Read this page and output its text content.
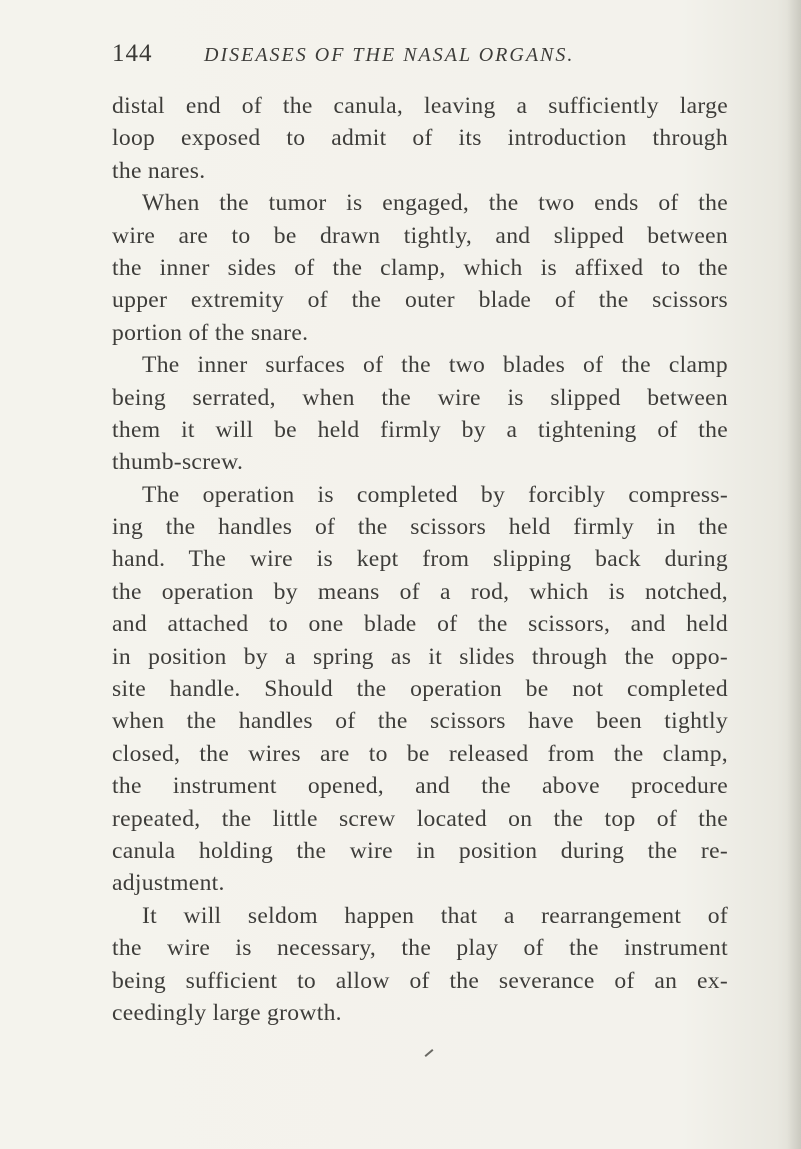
144	DISEASES OF THE NASAL ORGANS.
distal end of the canula, leaving a sufficiently large
loop exposed to admit of its introduction through
the nares.
When the tumor is engaged, the two ends of the
wire are to be drawn tightly, and slipped between
the inner sides of the clamp, which is affixed to the
upper extremity of the outer blade of the scissors
portion of the snare.
The inner surfaces of the two blades of the clamp
being serrated, when the wire is slipped between
them it will be held firmly by a tightening of the
thumb-screw.
The operation is completed by forcibly compress-
ing the handles of the scissors held firmly in the
hand. The wire is kept from slipping back during
the operation by means of a rod, which is notched,
and attached to one blade of the scissors, and held
in position by a spring as it slides through the oppo-
site handle. Should the operation be not completed
when the handles of the scissors have been tightly
closed, the wires are to be released from the clamp,
the instrument opened, and the above procedure
repeated, the little screw located on the top of the
canula holding the wire in position during the re-
adjustment.
It will seldom happen that a rearrangement of
the wire is necessary, the play of the instrument
being sufficient to allow of the severance of an ex-
ceedingly large growth.
